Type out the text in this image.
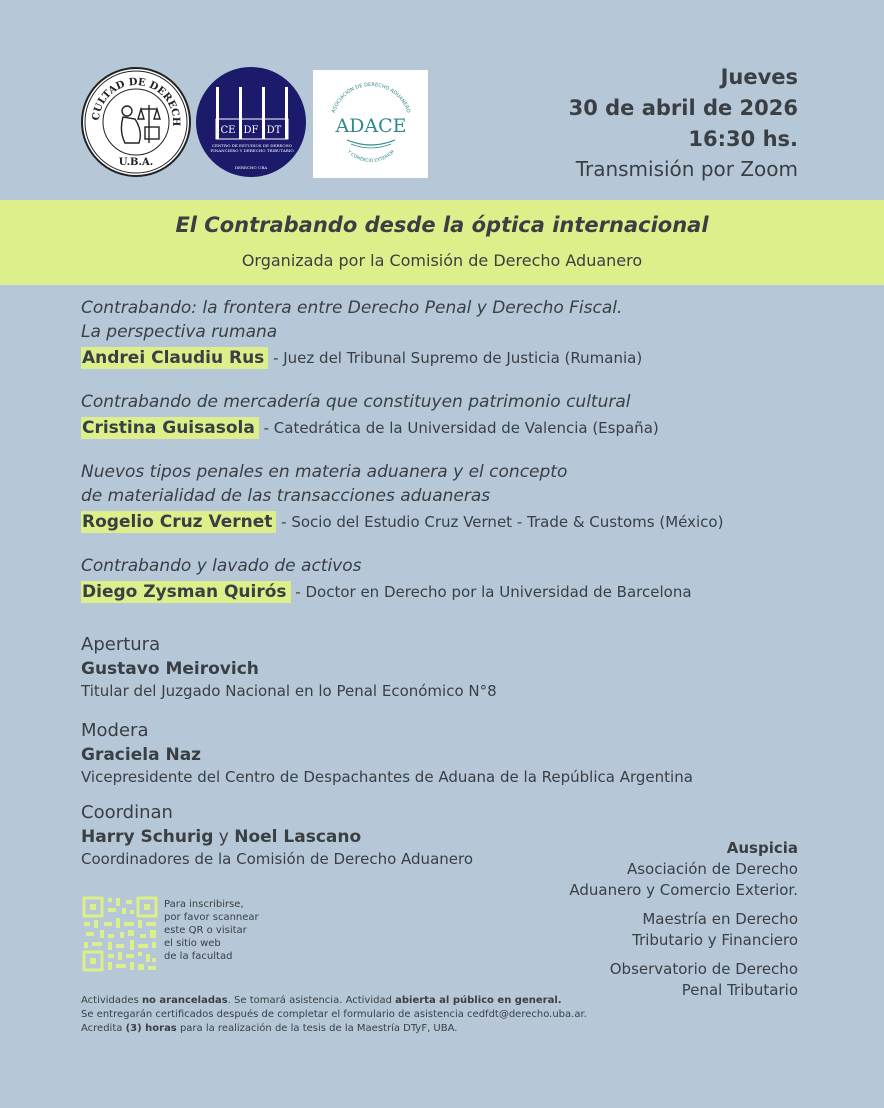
CULTAD DE DERECH
U.B.A.
CE DF DT
CENTRO DE ESTUDIOS DE DERECHO FINANCIERO Y DERECHO TRIBUTARIO
DERECHO UBA
ASOCIACIÓN DE DERECHO ADUANERO
ADACE
Y COMERCIO EXTERIOR
Jueves
30 de abril de 2026
16:30 hs.
Transmisión por Zoom
El Contrabando desde la óptica internacional
Organizada por la Comisión de Derecho Aduanero
Contrabando: la frontera entre Derecho Penal y Derecho Fiscal.
La perspectiva rumana
Andrei Claudiu Rus - Juez del Tribunal Supremo de Justicia (Rumania)
Contrabando de mercadería que constituyen patrimonio cultural
Cristina Guisasola - Catedrática de la Universidad de Valencia (España)
Nuevos tipos penales en materia aduanera y el concepto
de materialidad de las transacciones aduaneras
Rogelio Cruz Vernet - Socio del Estudio Cruz Vernet - Trade & Customs (México)
Contrabando y lavado de activos
Diego Zysman Quirós - Doctor en Derecho por la Universidad de Barcelona
Apertura
Gustavo Meirovich
Titular del Juzgado Nacional en lo Penal Económico N°8
Modera
Graciela Naz
Vicepresidente del Centro de Despachantes de Aduana de la República Argentina
Coordinan
Harry Schurig y Noel Lascano
Coordinadores de la Comisión de Derecho Aduanero
Auspicia
Asociación de Derecho
Aduanero y Comercio Exterior.
Maestría en Derecho
Tributario y Financiero
Observatorio de Derecho
Penal Tributario
Para inscribirse,
por favor scannear
este QR o visitar
el sitio web
de la facultad
Actividades no aranceladas. Se tomará asistencia. Actividad abierta al público en general.
Se entregarán certificados después de completar el formulario de asistencia cedfdt@derecho.uba.ar.
Acredita (3) horas para la realización de la tesis de la Maestría DTyF, UBA.
